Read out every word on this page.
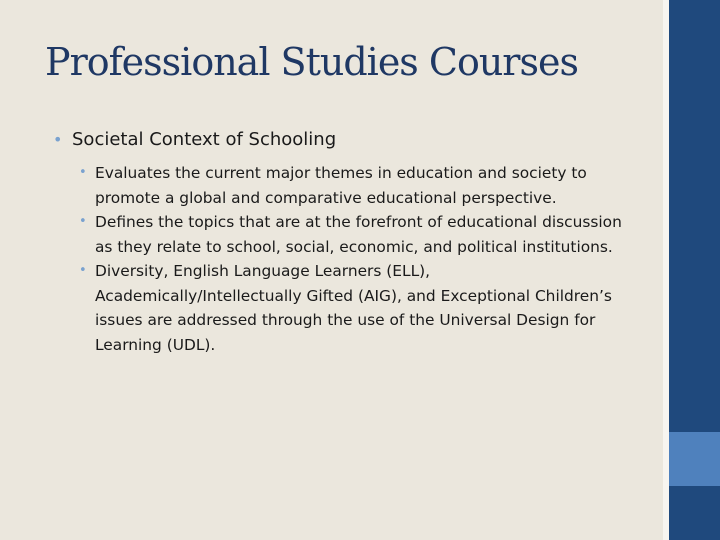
Professional Studies Courses
• Societal Context of Schooling
• Evaluates the current major themes in education and society to promote a global and comparative educational perspective.
• Defines the topics that are at the forefront of educational discussion as they relate to school, social, economic, and political institutions.
• Diversity, English Language Learners (ELL), Academically/Intellectually Gifted (AIG), and Exceptional Children’s issues are addressed through the use of the Universal Design for Learning (UDL).
